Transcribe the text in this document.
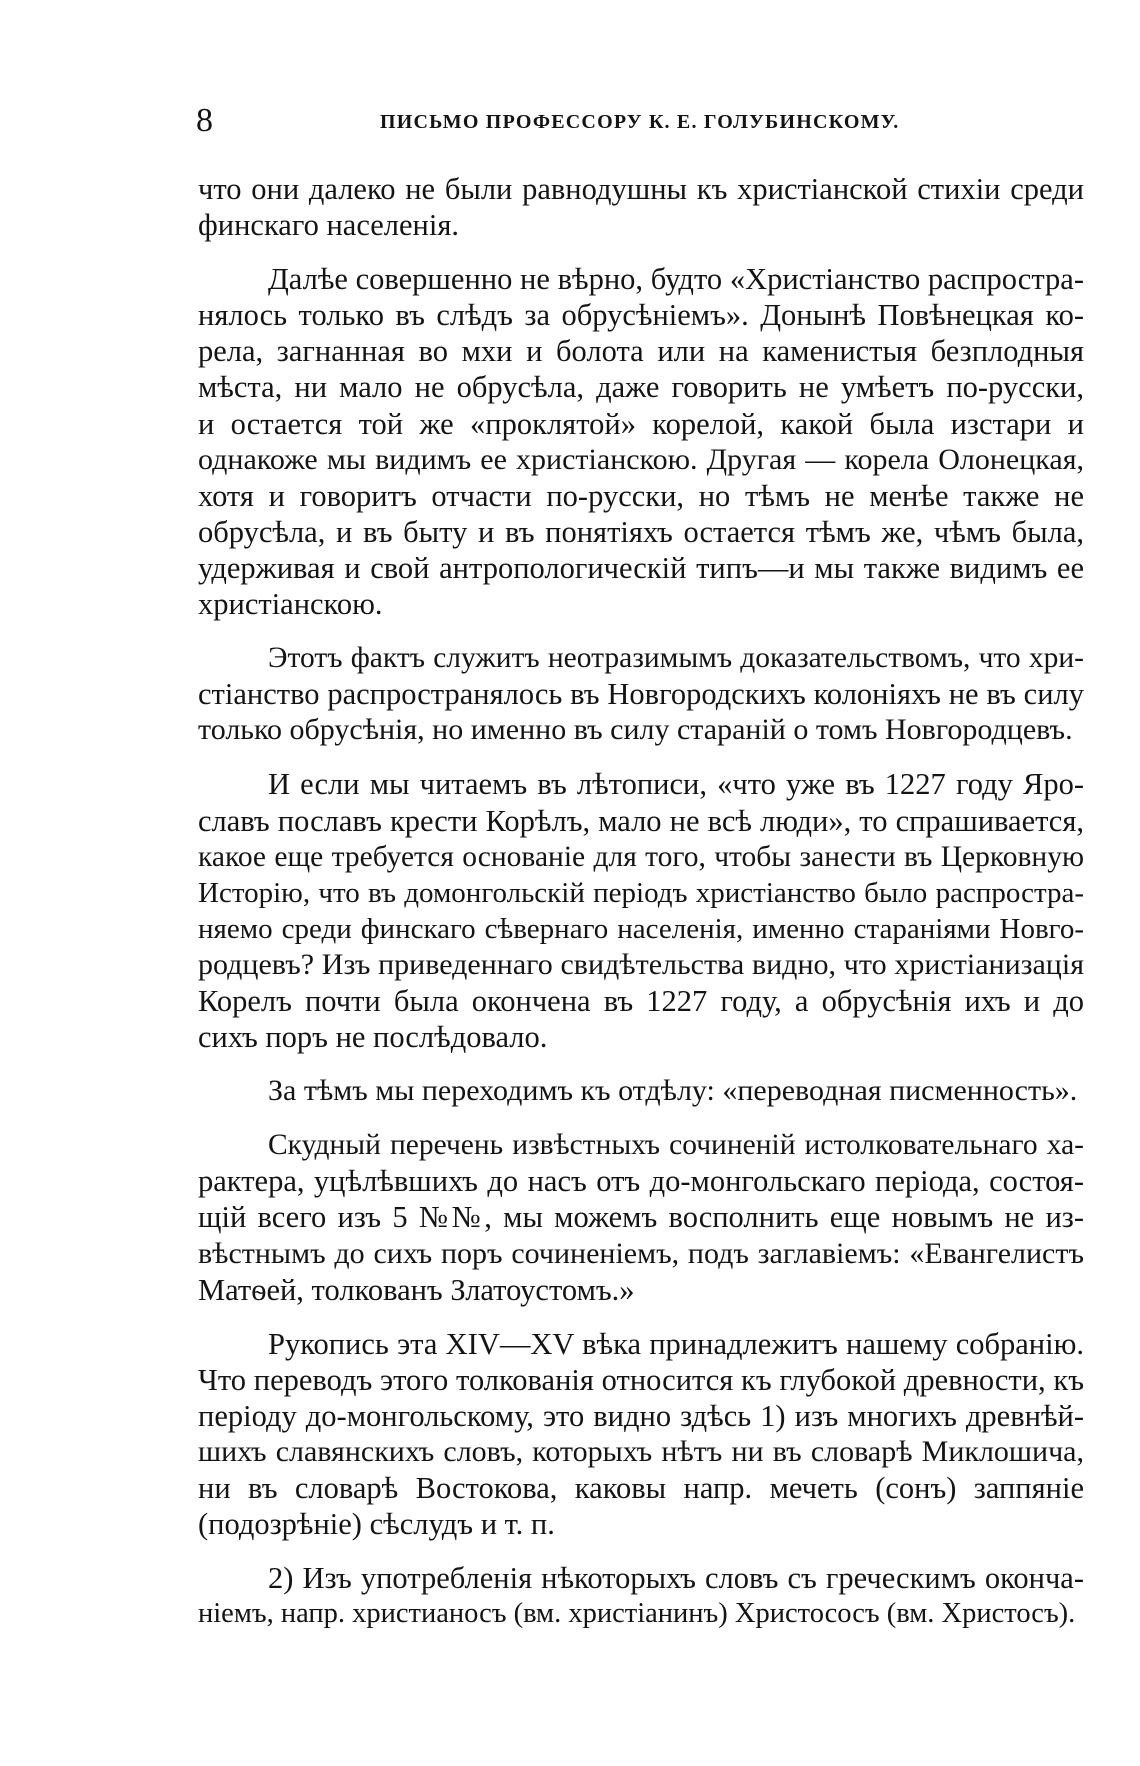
8	ПИСЬМО ПРОФЕССОРУ К. Е. ГОЛУБИНСКОМУ.
что они далеко не были равнодушны къ христіанской стихіи среди
финскаго населенія.
Далѣе совершенно не вѣрно, будто «Христіанство распростра-
нялось только въ слѣдъ за обрусѣніемъ». Донынѣ Повѣнецкая ко-
рела, загнанная во мхи и болота или на каменистыя безплодныя
мѣста, ни мало не обрусѣла, даже говорить не умѣетъ по-русски,
и остается той же «проклятой» корелой, какой была изстари и
однакоже мы видимъ ее христіанскою. Другая — корела Олонецкая,
хотя и говоритъ отчасти по-русски, но тѣмъ не менѣе также не
обрусѣла, и въ быту и въ понятіяхъ остается тѣмъ же, чѣмъ была,
удерживая и свой антропологическій типъ—и мы также видимъ ее
христіанскою.
Этотъ фактъ служитъ неотразимымъ доказательствомъ, что хри-
стіанство распространялось въ Новгородскихъ колоніяхъ не въ силу
только обрусѣнія, но именно въ силу стараній о томъ Новгородцевъ.
И если мы читаемъ въ лѣтописи, «что уже въ 1227 году Яро-
славъ пославъ крести Корѣлъ, мало не всѣ люди», то спрашивается,
какое еще требуется основаніе для того, чтобы занести въ Церковную
Исторію, что въ домонгольскій періодъ христіанство было распростра-
няемо среди финскаго сѣвернаго населенія, именно стараніями Новго-
родцевъ? Изъ приведеннаго свидѣтельства видно, что христіанизація
Корелъ почти была окончена въ 1227 году, а обрусѣнія ихъ и до
сихъ поръ не послѣдовало.
За тѣмъ мы переходимъ къ отдѣлу: «переводная писменность».
Скудный перечень извѣстныхъ сочиненій истолковательнаго ха-
рактера, уцѣлѣвшихъ до насъ отъ до-монгольскаго періода, состоя-
щій всего изъ 5 №№, мы можемъ восполнить еще новымъ не из-
вѣстнымъ до сихъ поръ сочиненіемъ, подъ заглавіемъ: «Евангелистъ
Матѳей, толкованъ Златоустомъ.»
Рукопись эта XIV—XV вѣка принадлежитъ нашему собранію.
Что переводъ этого толкованія относится къ глубокой древности, къ
періоду до-монгольскому, это видно здѣсь 1) изъ многихъ древнѣй-
шихъ славянскихъ словъ, которыхъ нѣтъ ни въ словарѣ Миклошича,
ни въ словарѣ Востокова, каковы напр. мечеть (сонъ) заппяніе
(подозрѣніе) сѣслудъ и т. п.
2) Изъ употребленія нѣкоторыхъ словъ съ греческимъ оконча-
ніемъ, напр. христианосъ (вм. христіанинъ) Христососъ (вм. Христосъ).
